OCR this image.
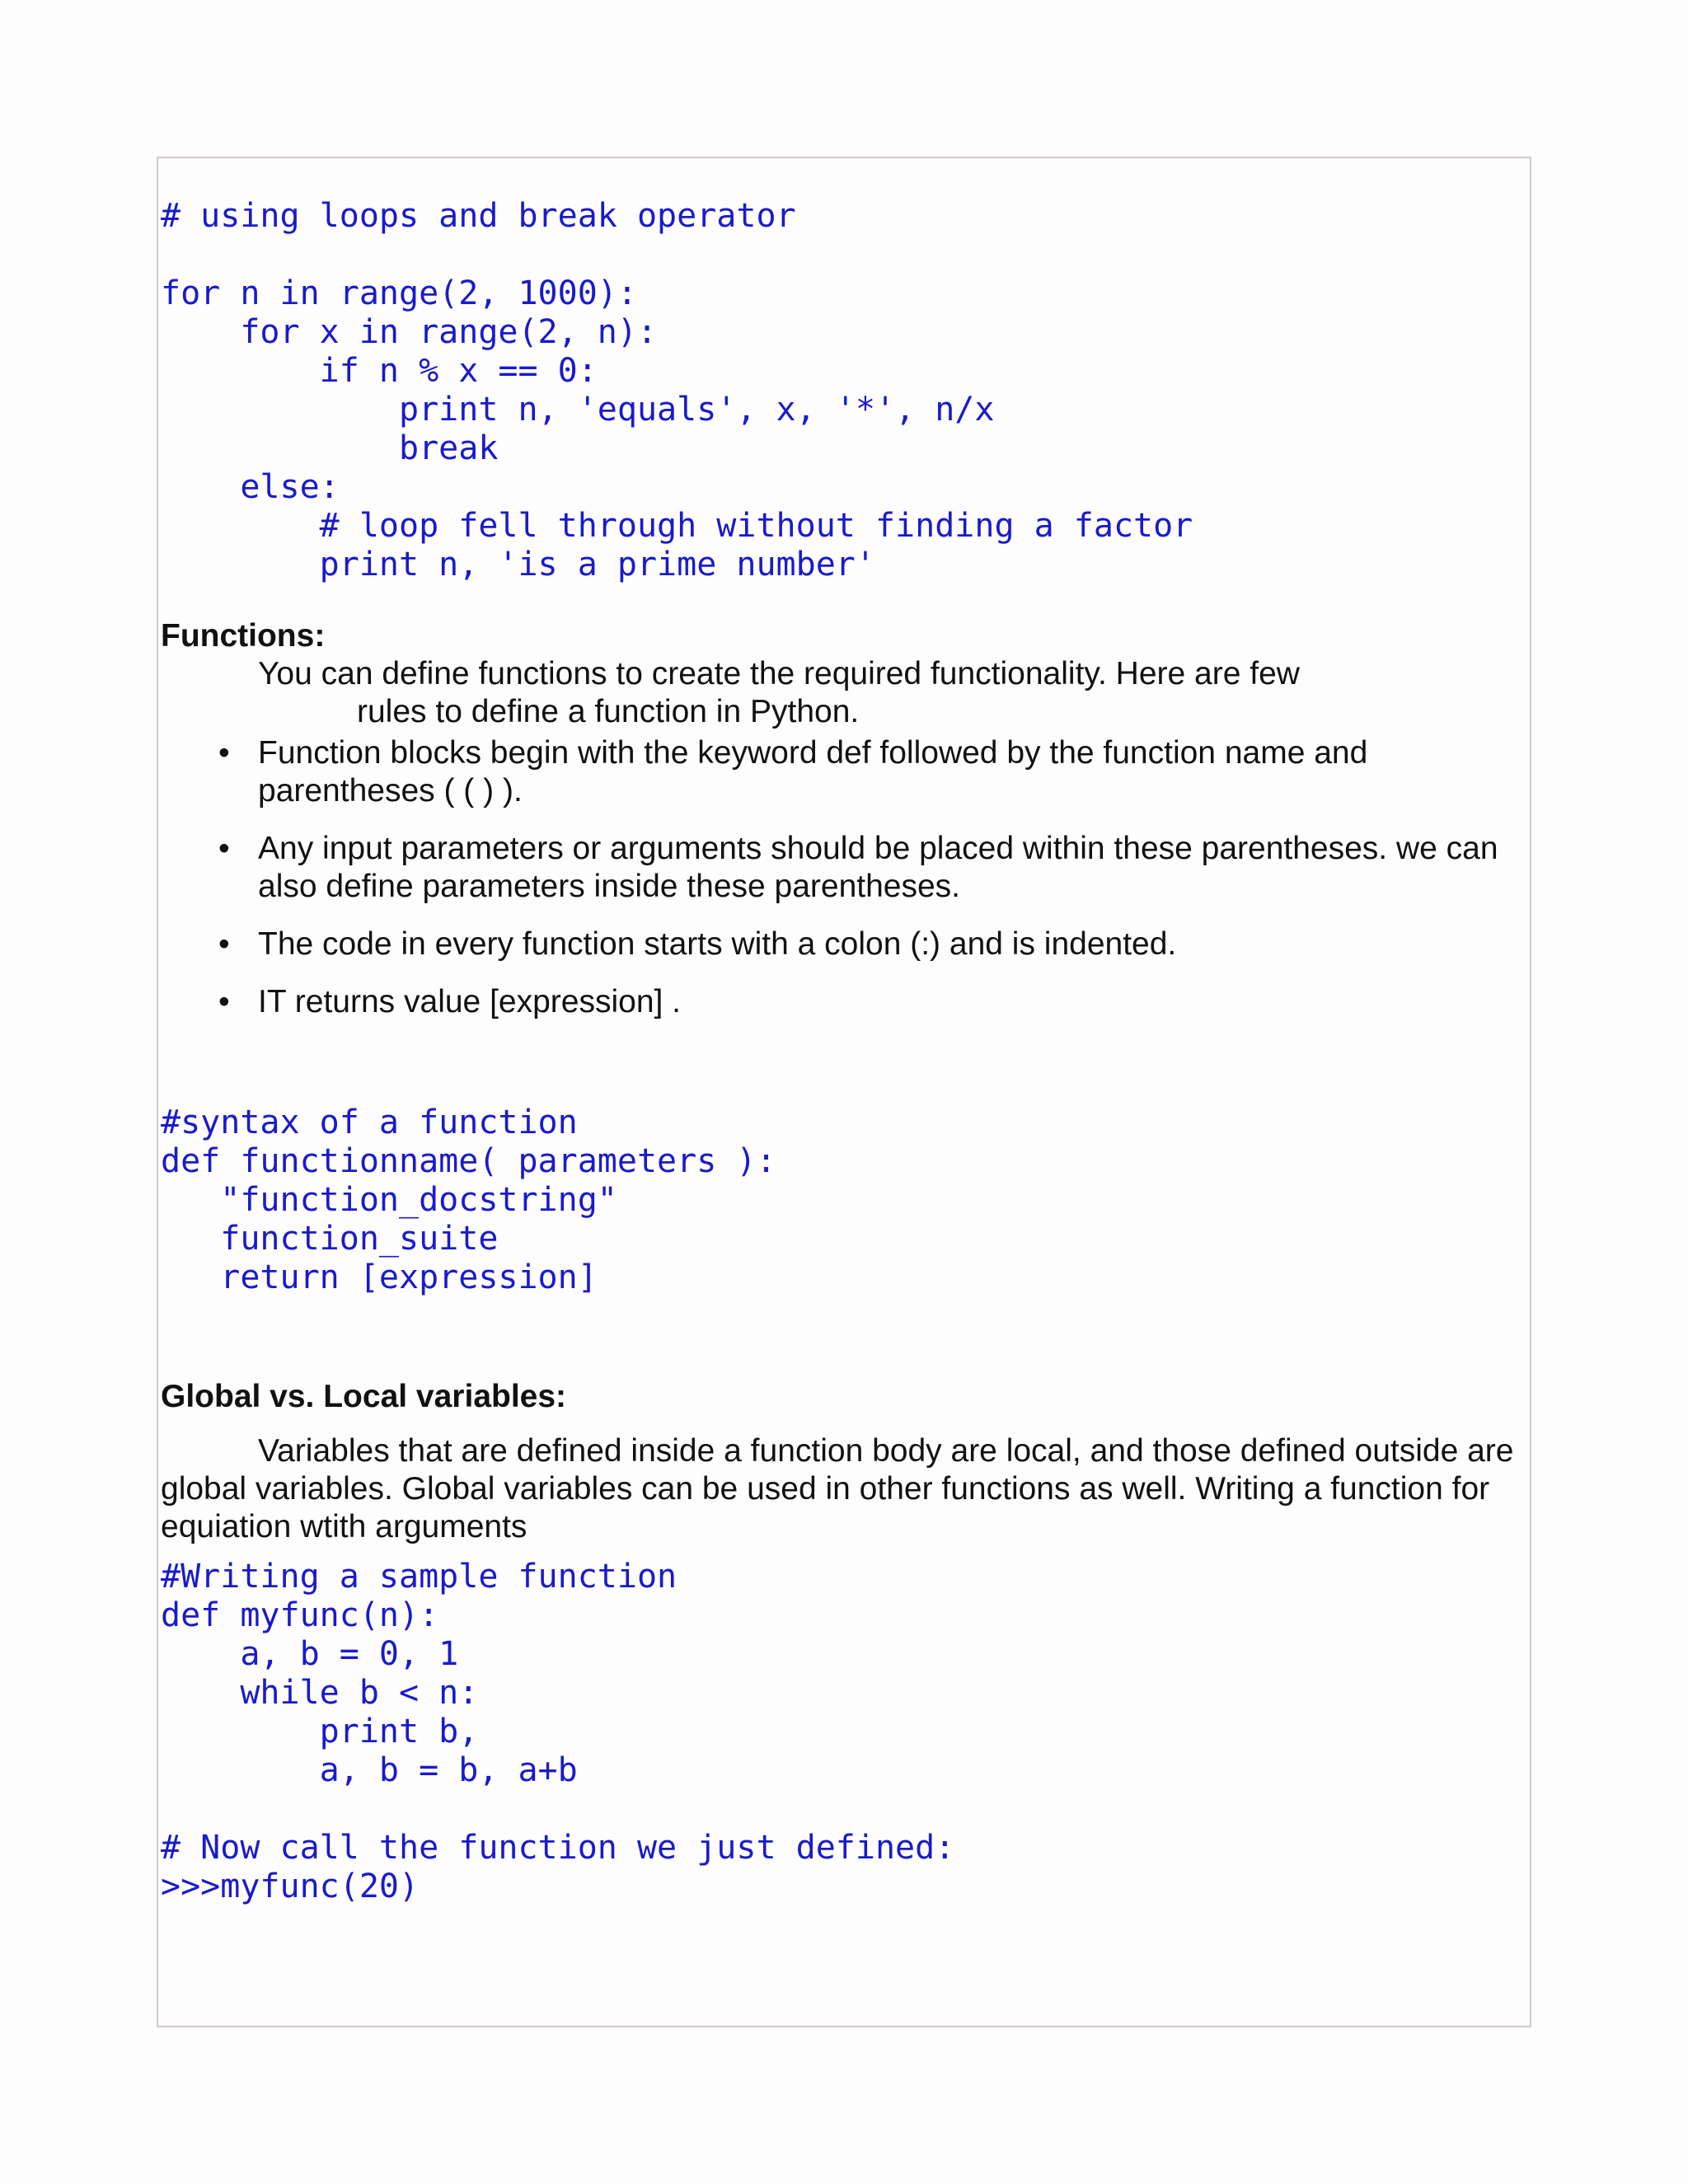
# using loops and break operator

for n in range(2, 1000):
for x in range(2, n):
if n % x == 0:
print n, 'equals', x, '*', n/x
break
else:
# loop fell through without finding a factor
print n, 'is a prime number'

Functions:

You can define functions to create the required functionality. Here are few

rules to define a function in Python.

• Function blocks begin with the keyword def followed by the function name and parentheses ( ( ) ).
• Any input parameters or arguments should be placed within these parentheses. we can also define parameters inside these parentheses.
• The code in every function starts with a colon (:) and is indented.
• IT returns value [expression] .
#syntax of a function
def functionname( parameters ):
"function_docstring"
function_suite
return [expression]

Global vs. Local variables:

Variables that are defined inside a function body are local, and those defined outside are global variables. Global variables can be used in other functions as well. Writing a function for equiation wtith arguments

#Writing a sample function
def myfunc(n):
a, b = 0, 1
while b < n:
print b,
a, b = b, a+b

# Now call the function we just defined:
>>>myfunc(20)
